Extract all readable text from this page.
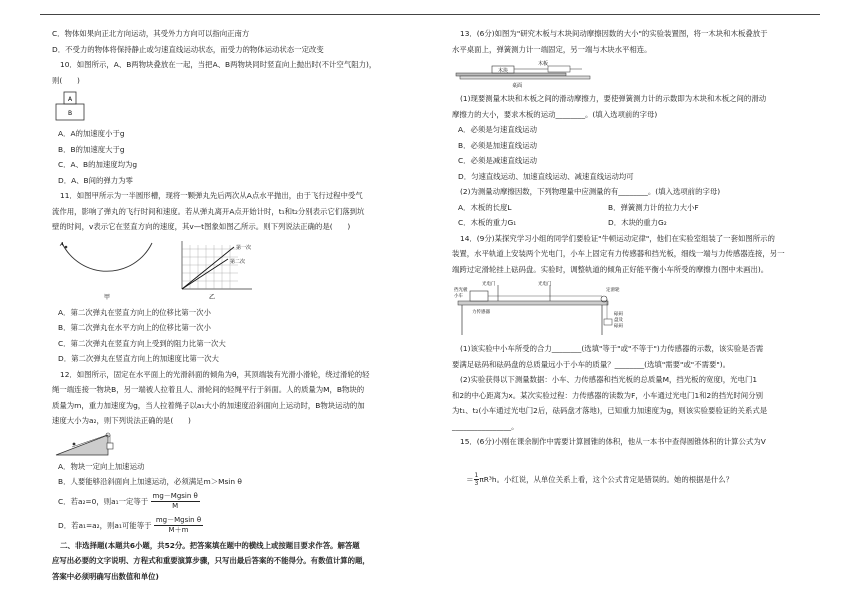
C．物体如果向正北方向运动，其受外力方向可以指向正南方

D．不受力的物体将保持静止或匀速直线运动状态，而受力的物体运动状态一定改变

10．如图所示，A、B两物块叠放在一起，当把A、B两物块同时竖直向上抛出时(不计空气阻力)，

则(　　)

A
B

A．A的加速度小于g

B．B的加速度大于g

C．A、B的加速度均为g

D．A、B间的弹力为零

11．如图甲所示为一半圆形槽，现将一颗弹丸先后两次从A点水平抛出，由于飞行过程中受气

流作用，影响了弹丸的飞行时间和速度。若从弹丸离开A点开始计时，t₁和t₂分别表示它们落到坑

壁的时间，v表示它在竖直方向的速度，其v—t图象如图乙所示。则下列说法正确的是(　　)

A
甲
第一次
第二次
乙

A．第二次弹丸在竖直方向上的位移比第一次小

B．第二次弹丸在水平方向上的位移比第一次小

C．第二次弹丸在竖直方向上受到的阻力比第一次大

D．第二次弹丸在竖直方向上的加速度比第一次大

12．如图所示，固定在水平面上的光滑斜面的倾角为θ，其顶端装有光滑小滑轮，绕过滑轮的轻

绳一端连接一物块B，另一端被人拉着且人、滑轮间的轻绳平行于斜面。人的质量为M，B物块的

质量为m，重力加速度为g，当人拉着绳子以a₁大小的加速度沿斜面向上运动时，B物块运动的加

速度大小为a₂，则下列说法正确的是(　　)

A．物块一定向上加速运动

B．人要能够沿斜面向上加速运动，必须满足m＞Msin θ

C．若a₂=0，则a₁一定等于 $\frac{\text{mg－Mgsin θ}}{M}$

D．若a₁=a₂，则a₁可能等于 $\frac{\text{mg－Mgsin θ}}{M+m}$

二、非选择题(本题共6小题，共52分。把答案填在题中的横线上或按题目要求作答。解答题

应写出必要的文字说明、方程式和重要演算步骤，只写出最后答案的不能得分。有数值计算的题，

答案中必须明确写出数值和单位)

13．(6分)如图为"研究木板与木块间动摩擦因数的大小"的实验装置图，将一木块和木板叠放于

水平桌面上，弹簧测力计一端固定，另一端与木块水平相连。

木块
木板
桌面

(1)现要测量木块和木板之间的滑动摩擦力，要使弹簧测力计的示数即为木块和木板之间的滑动

摩擦力的大小，要求木板的运动________。(填入选项前的字母)

A．必须是匀速直线运动

B．必须是加速直线运动

C．必须是减速直线运动

D．匀速直线运动、加速直线运动、减速直线运动均可

(2)为测量动摩擦因数，下列物理量中应测量的有________。(填入选项前的字母)

A．木板的长度L	B．弹簧测力计的拉力大小F

C．木板的重力G₁	D．木块的重力G₂

14．(9分)某探究学习小组的同学们要验证"牛顿运动定律"，他们在实验室组装了一套如图所示的

装置，水平轨道上安装两个光电门，小车上固定有力传感器和挡光板，细线一端与力传感器连接，另一

端跨过定滑轮挂上砝码盘。实验时，调整轨道的倾角正好能平衡小车所受的摩擦力(图中未画出)。

光电门	光电门
挡光板
小车
力传感器
定滑轮
砝码
盘及
砝码

(1)该实验中小车所受的合力________(选填"等于"或"不等于")力传感器的示数，该实验是否需

要满足砝码和砝码盘的总质量远小于小车的质量？________(选填"需要"或"不需要")。

(2)实验获得以下测量数据：小车、力传感器和挡光板的总质量M，挡光板的宽度l，光电门1

和2的中心距离为x。某次实验过程：力传感器的读数为F，小车通过光电门1和2的挡光时间分别

为t₁、t₂(小车通过光电门2后，砝码盘才落地)，已知重力加速度为g，则该实验要验证的关系式是

________________。

15．(6分)小刚在课余制作中需要计算圆锥的体积，他从一本书中查得圆锥体积的计算公式为V

＝ $\frac{1}{3} \pi R^3h$。小红说，从单位关系上看，这个公式肯定是错误的。她的根据是什么？
